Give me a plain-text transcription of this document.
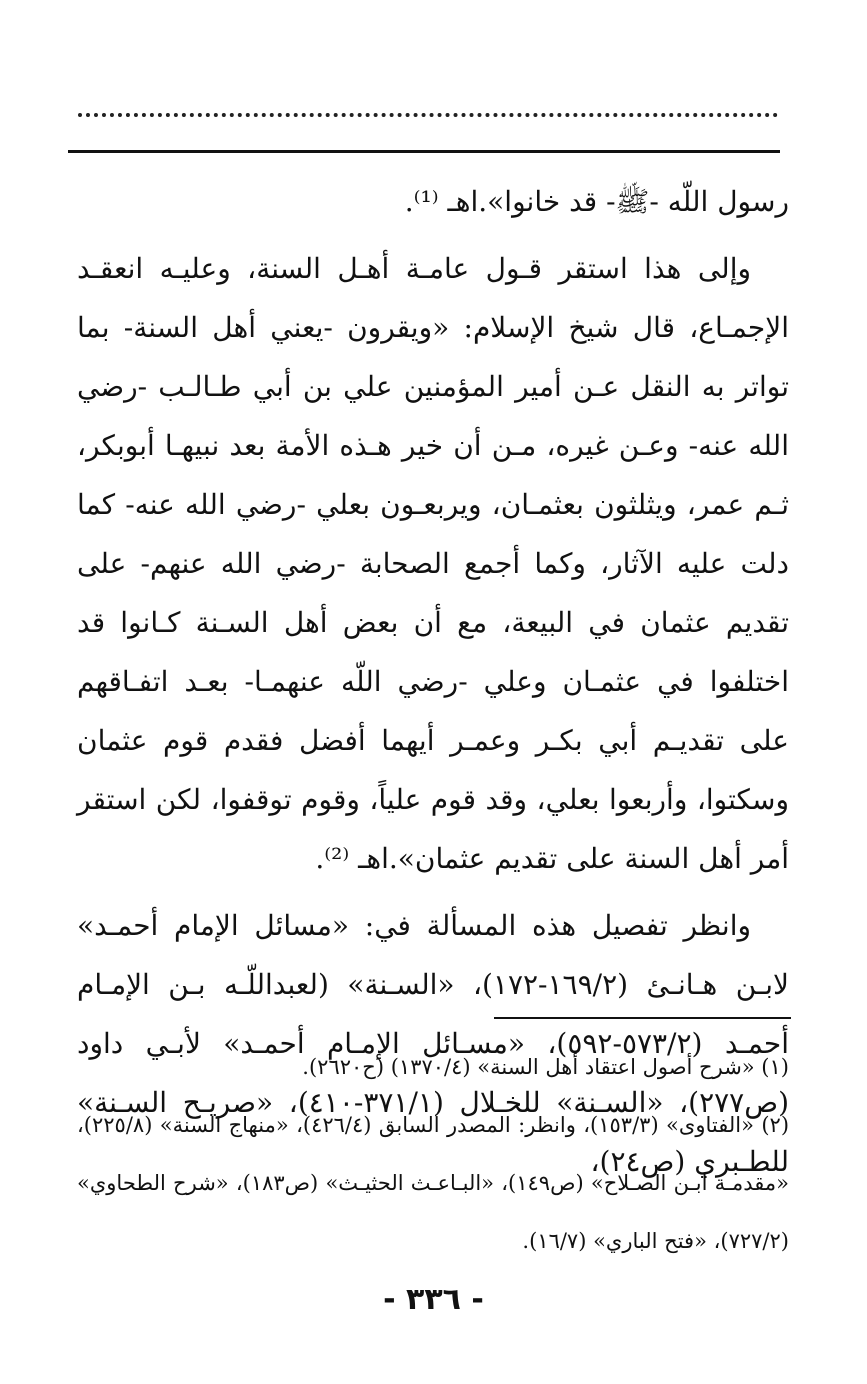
رسول اللّه -ﷺ- قد خانوا».اهـ ⁽¹⁾.

وإلى هذا استقر قـول عامـة أهـل السنة، وعليـه انعقـد الإجمـاع، قال شيخ الإسلام: «ويقرون -يعني أهل السنة- بما تواتر به النقل عـن أمير المؤمنين علي بن أبي طـالـب -رضي الله عنه- وعـن غيره، مـن أن خير هـذه الأمة بعد نبيهـا أبوبكر، ثـم عمر، ويثلثون بعثمـان، ويربعـون بعلي -رضي الله عنه- كما دلت عليه الآثار، وكما أجمع الصحابة -رضي الله عنهم- على تقديم عثمان في البيعة، مع أن بعض أهل السـنة كـانوا قد اختلفوا في عثمـان وعلي -رضي اللّه عنهمـا- بعـد اتفـاقهم على تقديـم أبي بكـر وعمـر أيهما أفضل فقدم قوم عثمان وسكتوا، وأربعوا بعلي، وقد قوم علياً، وقوم توقفوا، لكن استقر أمر أهل السنة على تقديم عثمان».اهـ ⁽²⁾.

وانظر تفصيل هذه المسألة في: «مسائل الإمام أحمـد» لابـن هـانـئ (١٦٩/٢-١٧٢)، «السـنة» (لعبداللّـه بـن الإمـام أحمـد (٥٧٣/٢-٥٩٢)، «مسـائل الإمـام أحمـد» لأبـي داود (ص٢٧٧)، «السـنة» للخـلال (٣٧١/١-٤١٠)، «صريـح السـنة» للطـبري (ص٢٤)،

(١) «شرح أصول اعتقاد أهل السنة» (١٣٧٠/٤) (ح٢٦٢٠).

(٢) «الفتاوى» (١٥٣/٣)، وانظر: المصدر السابق (٤٢٦/٤)، «منهاج السنة» (٢٢٥/٨)، «مقدمـة ابـن الصـلاح» (ص١٤٩)، «البـاعـث الحثيـث» (ص١٨٣)، «شرح الطحاوي» (٧٢٧/٢)، «فتح الباري» (١٦/٧).

- ٣٣٦ -
